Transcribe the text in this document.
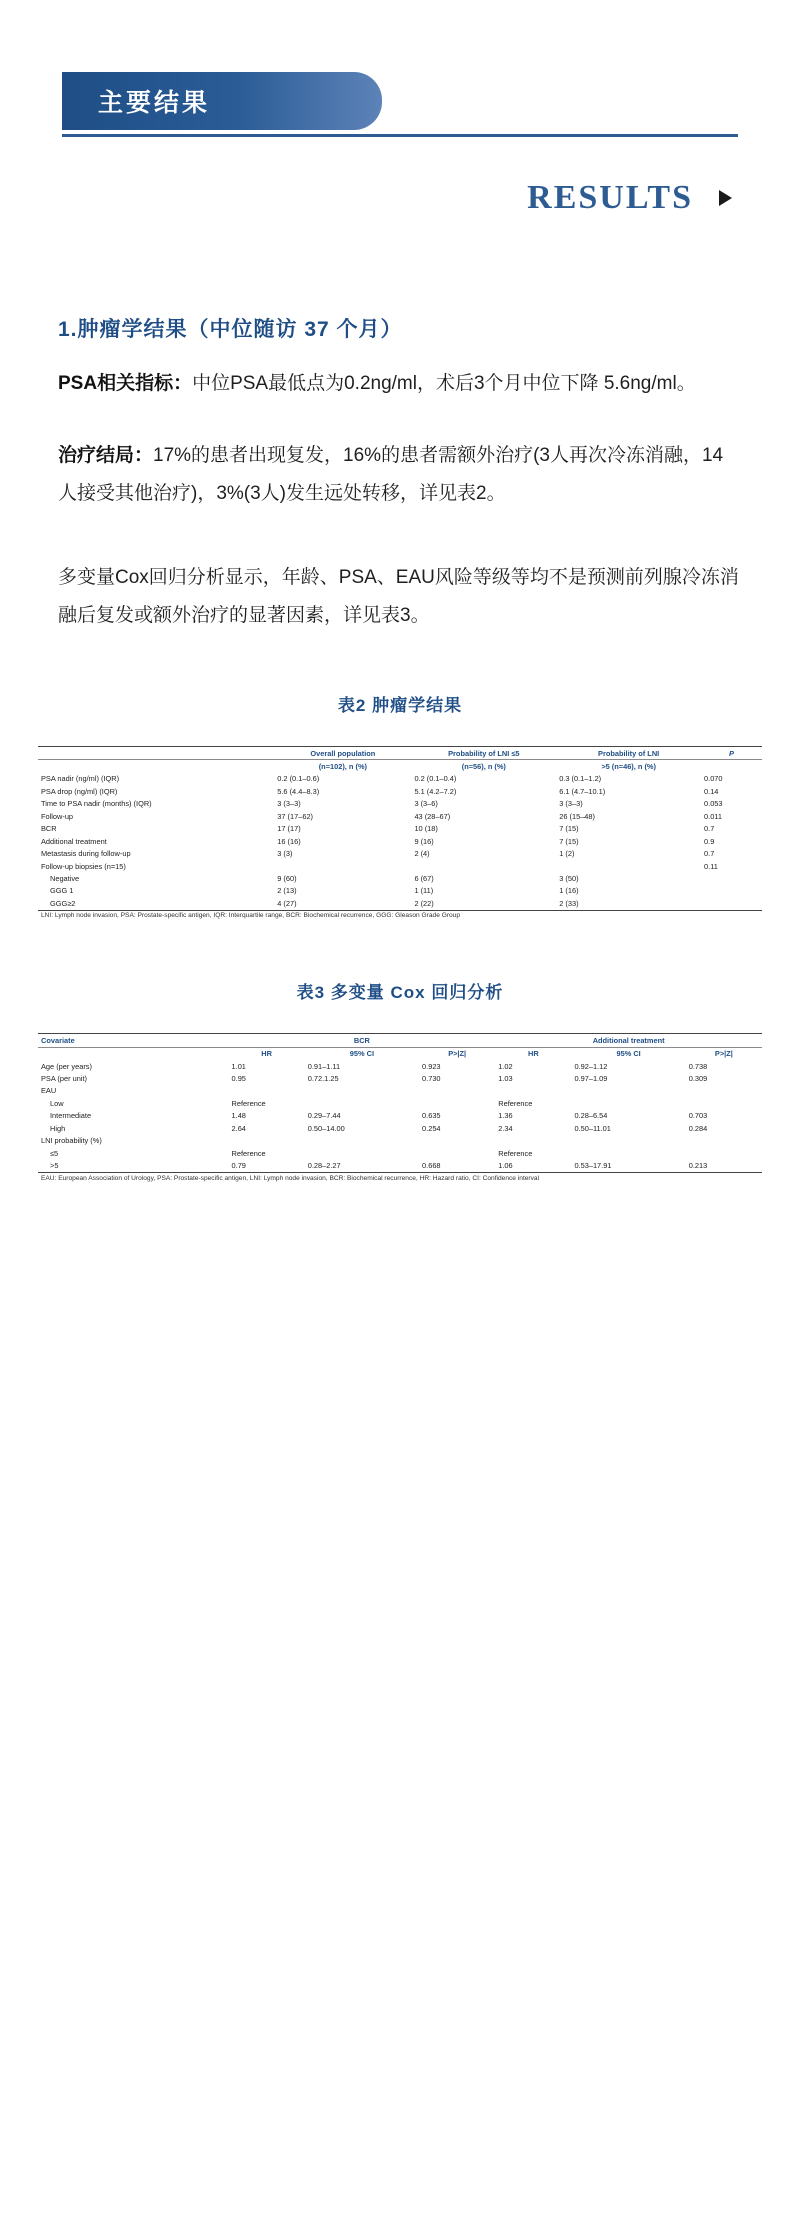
主要结果
RESULTS
1.肿瘤学结果（中位随访 37 个月）

PSA相关指标：中位PSA最低点为0.2ng/ml，术后3个月中位下降 5.6ng/ml。

治疗结局：17%的患者出现复发，16%的患者需额外治疗(3人再次冷冻消融，14人接受其他治疗)，3%(3人)发生远处转移，详见表2。

多变量Cox回归分析显示，年龄、PSA、EAU风险等级等均不是预测前列腺冷冻消融后复发或额外治疗的显著因素，详见表3。

表2 肿瘤学结果
	Overall population	Probability of LNI ≤5	Probability of LNI	P
	(n=102), n (%)	(n=56), n (%)	>5 (n=46), n (%)	
PSA nadir (ng/ml) (IQR)	0.2 (0.1–0.6)	0.2 (0.1–0.4)	0.3 (0.1–1.2)	0.070
PSA drop (ng/ml) (IQR)	5.6 (4.4–8.3)	5.1 (4.2–7.2)	6.1 (4.7–10.1)	0.14
Time to PSA nadir (months) (IQR)	3 (3–3)	3 (3–6)	3 (3–3)	0.053
Follow-up	37 (17–62)	43 (28–67)	26 (15–48)	0.011
BCR	17 (17)	10 (18)	7 (15)	0.7
Additional treatment	16 (16)	9 (16)	7 (15)	0.9
Metastasis during follow-up	3 (3)	2 (4)	1 (2)	0.7
Follow-up biopsies (n=15)				0.11
Negative	9 (60)	6 (67)	3 (50)	
GGG 1	2 (13)	1 (11)	1 (16)	
GGG≥2	4 (27)	2 (22)	2 (33)	
LNI: Lymph node invasion, PSA: Prostate-specific antigen, IQR: Interquartile range, BCR: Biochemical recurrence, GGG: Gleason Grade Group				
表3 多变量 Cox 回归分析
Covariate	BCR			Additional treatment		
	HR	95% CI	P>|Z|	HR	95% CI	P>|Z|
Age (per years)	1.01	0.91–1.11	0.923	1.02	0.92–1.12	0.738
PSA (per unit)	0.95	0.72.1.25	0.730	1.03	0.97–1.09	0.309
EAU						
Low	Reference			Reference		
Intermediate	1.48	0.29–7.44	0.635	1.36	0.28–6.54	0.703
High	2.64	0.50–14.00	0.254	2.34	0.50–11.01	0.284
LNI probability (%)						
≤5	Reference			Reference		
>5	0.79	0.28–2.27	0.668	1.06	0.53–17.91	0.213
EAU: European Association of Urology, PSA: Prostate-specific antigen, LNI: Lymph node invasion, BCR: Biochemical recurrence, HR: Hazard ratio, CI: Confidence interval						
